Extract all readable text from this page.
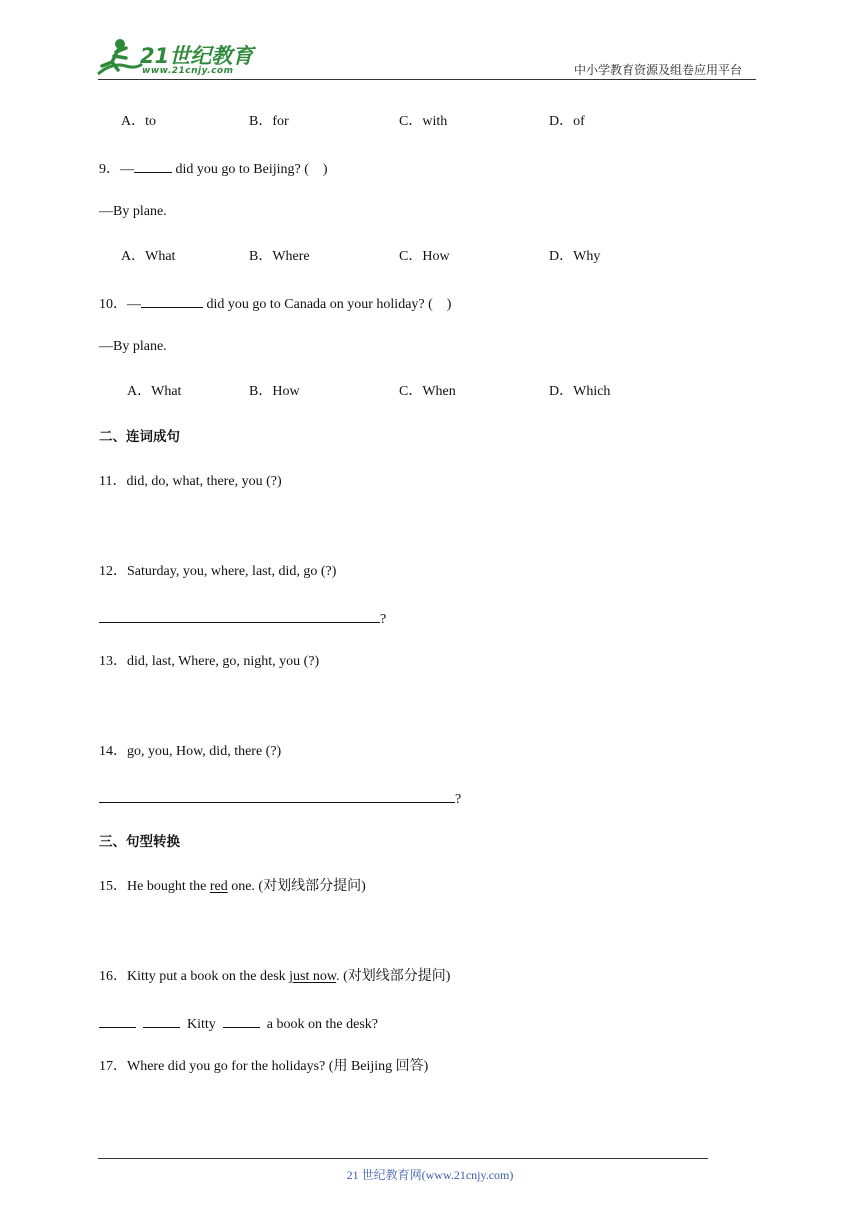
21世纪教育
www.21cnjy.com	中小学教育资源及组卷应用平台
A．to	B．for	C．with	D．of
9．—	did you go to Beijing? (　)
—By plane.
A．What	B．Where	C．How	D．Why
10．—	did you go to Canada on your holiday? (　)
—By plane.
A．What	B．How	C．When	D．Which
二、连词成句
11．did, do, what, there, you (?)
12．Saturday, you, where, last, did, go (?)
?
13．did, last, Where, go, night, you (?)
14．go, you, How, did, there (?)
?
三、句型转换
15．He bought the red one. (对划线部分提问)
16．Kitty put a book on the desk just now. (对划线部分提问)
Kitty	a book on the desk?
17．Where did you go for the holidays? (用 Beijing 回答)
21 世纪教育网(www.21cnjy.com)
